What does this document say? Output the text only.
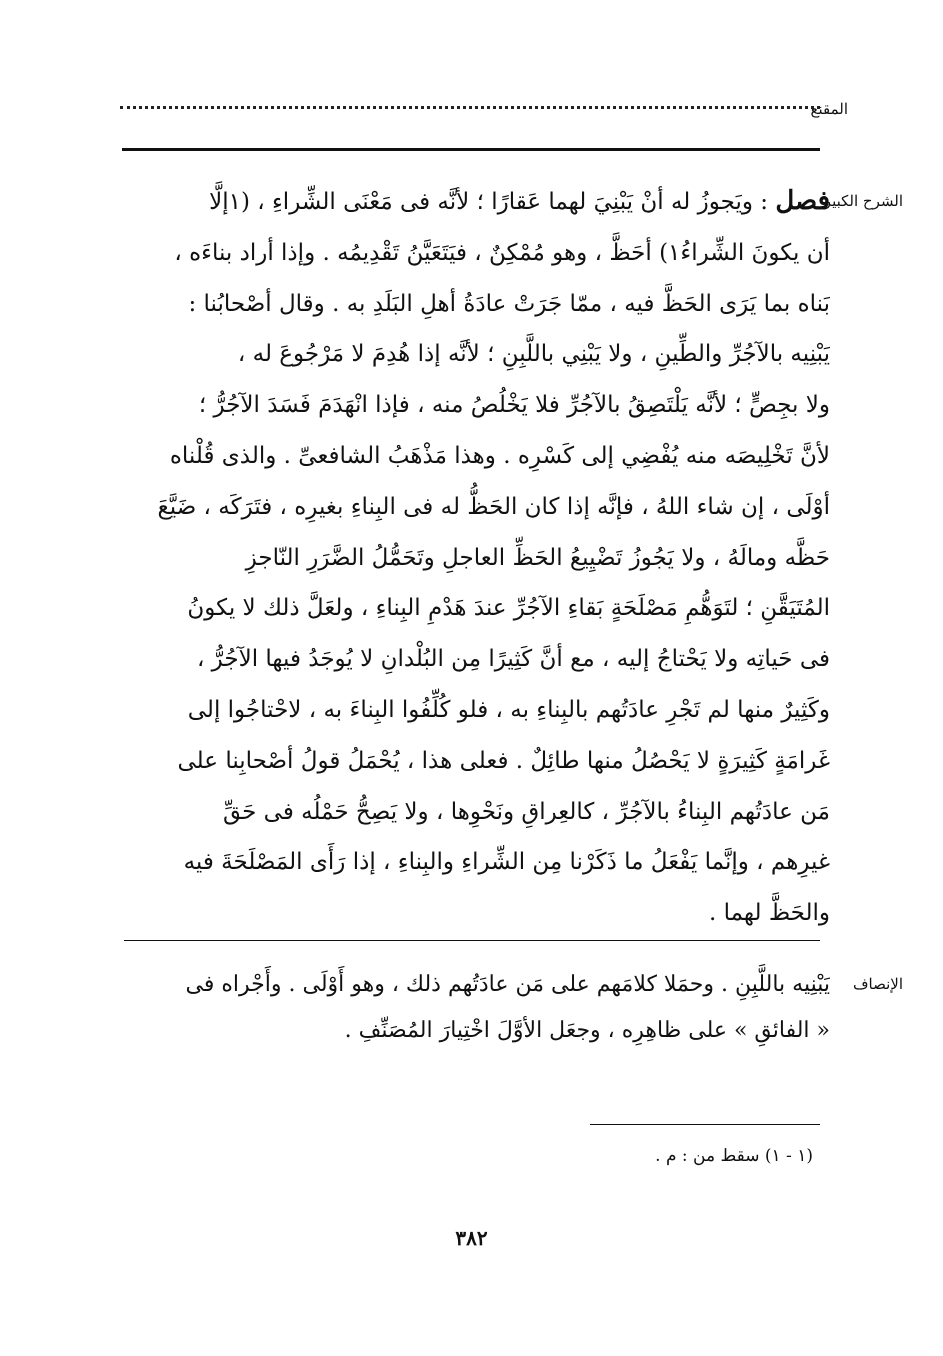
المقنع
الشرح الكبير
فصل : ويَجوزُ له أنْ يَبْنِيَ لهما عَقارًا ؛ لأنَّه فى مَعْنَى الشِّراءِ ، (١إلَّا
أن يكونَ الشِّراءُ١) أحَظَّ ، وهو مُمْكِنٌ ، فيَتَعَيَّنُ تَقْدِيمُه . وإذا أراد بناءَه ،
بَناه بما يَرَى الحَظَّ فيه ، ممّا جَرَتْ عادَةُ أهلِ البَلَدِ به . وقال أصْحابُنا :
يَبْنِيه بالآجُرِّ والطِّينِ ، ولا يَبْنِي باللَّبِنِ ؛ لأنَّه إذا هُدِمَ لا مَرْجُوعَ له ،
ولا بجِصٍّ ؛ لأنَّه يَلْتَصِقُ بالآجُرِّ فلا يَخْلُصُ منه ، فإذا انْهَدَمَ فَسَدَ الآجُرُّ ؛
لأنَّ تَخْلِيصَه منه يُفْضِي إلى كَسْرِه . وهذا مَذْهَبُ الشافعىِّ . والذى قُلْناه
أوْلَى ، إن شاء اللهُ ، فإنَّه إذا كان الحَظُّ له فى البِناءِ بغيرِه ، فتَرَكَه ، ضَيَّعَ
حَظَّه ومالَهُ ، ولا يَجُوزُ تَضْيِيعُ الحَظِّ العاجلِ وتَحَمُّلُ الضَّرَرِ النّاجزِ
المُتَيَقَّنِ ؛ لتَوَهُّمِ مَصْلَحَةٍ بَقاءِ الآجُرِّ عندَ هَدْمِ البِناءِ ، ولعَلَّ ذلك لا يكونُ
فى حَياتِه ولا يَحْتاجُ إليه ، مع أنَّ كَثِيرًا مِن البُلْدانِ لا يُوجَدُ فيها الآجُرُّ ،
وكَثِيرٌ منها لم تَجْرِ عادَتُهم بالبِناءِ به ، فلو كُلِّفُوا البِناءَ به ، لاحْتاجُوا إلى
غَرامَةٍ كَثِيرَةٍ لا يَحْصُلُ منها طائِلٌ . فعلى هذا ، يُحْمَلُ قولُ أصْحابِنا على
مَن عادَتُهم البِناءُ بالآجُرِّ ، كالعِراقِ ونَحْوِها ، ولا يَصِحُّ حَمْلُه فى حَقِّ
غيرِهم ، وإنَّما يَفْعَلُ ما ذَكَرْنا مِن الشِّراءِ والبِناءِ ، إذا رَأَى المَصْلَحَةَ فيه
والحَظَّ لهما .
الإنصاف
يَبْنِيه باللَّبِنِ . وحمَلا كلامَهم على مَن عادَتُهم ذلك ، وهو أَوْلَى . وأَجْراه فى
« الفائقِ » على ظاهِرِه ، وجعَل الأوَّلَ اخْتِيارَ المُصَنِّفِ .
(١ - ١) سقط من : م .
٣٨٢
